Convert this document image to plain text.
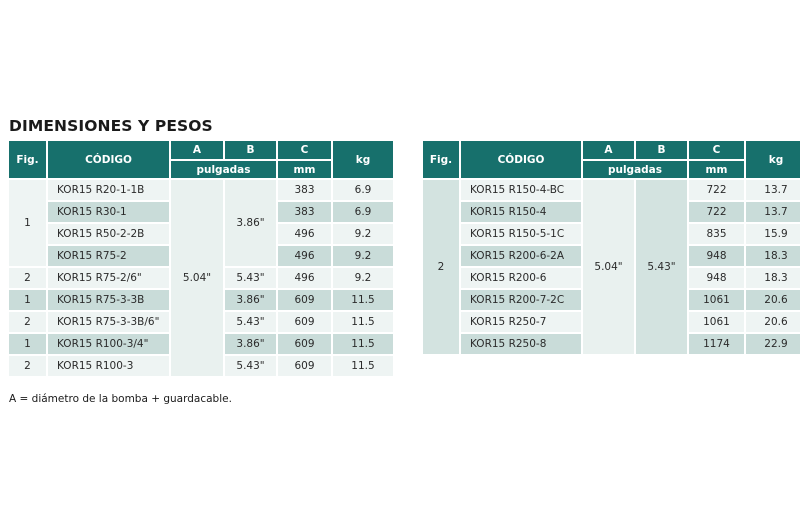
DIMENSIONES Y PESOS
Fig.	CÓDIGO	A	B	C	kg
		pulgadas		mm	
1	KOR15 R20-1-1B	5.04"	3.86"	383	6.9
	KOR15 R30-1			383	6.9
	KOR15 R50-2-2B			496	9.2
	KOR15 R75-2			496	9.2
2	KOR15 R75-2/6"		5.43"	496	9.2
1	KOR15 R75-3-3B		3.86"	609	11.5
2	KOR15 R75-3-3B/6"		5.43"	609	11.5
1	KOR15 R100-3/4"		3.86"	609	11.5
2	KOR15 R100-3		5.43"	609	11.5
Fig.	CÓDIGO	A	B	C	kg
		pulgadas		mm	
2	KOR15 R150-4-BC	5.04"	5.43"	722	13.7
	KOR15 R150-4			722	13.7
	KOR15 R150-5-1C			835	15.9
	KOR15 R200-6-2A			948	18.3
	KOR15 R200-6			948	18.3
	KOR15 R200-7-2C			1061	20.6
	KOR15 R250-7			1061	20.6
	KOR15 R250-8			1174	22.9
A = diámetro de la bomba + guardacable.
